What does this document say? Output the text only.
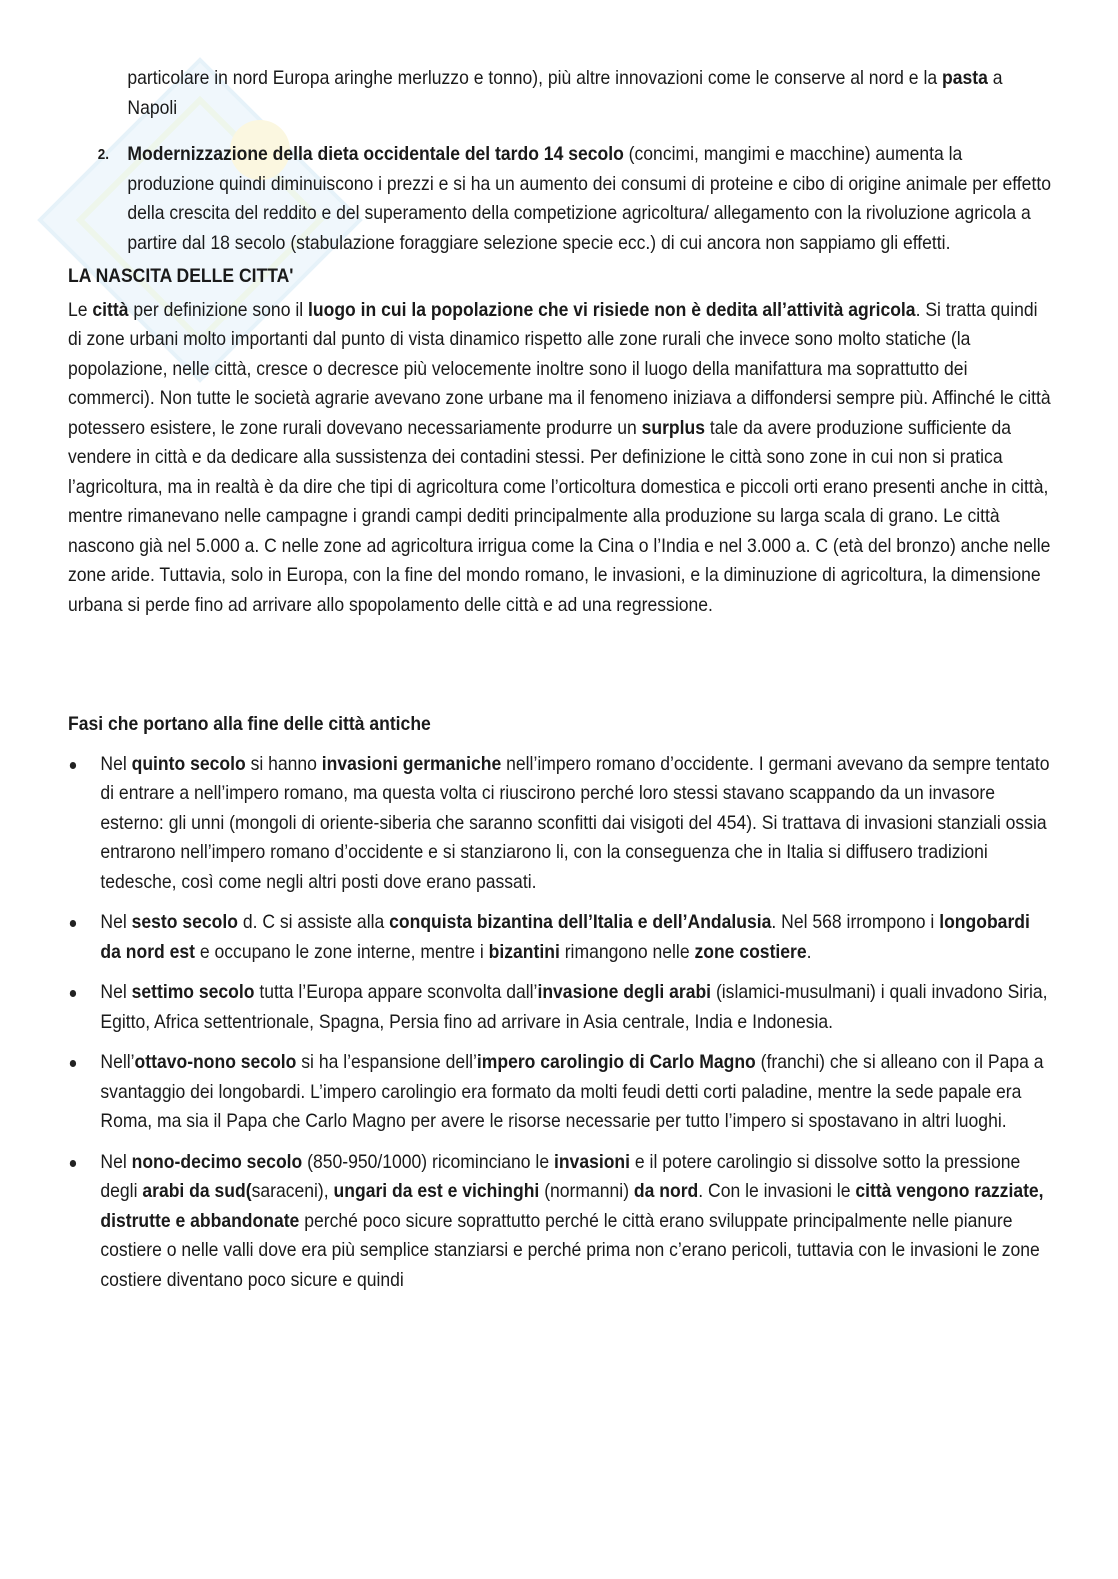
particolare in nord Europa aringhe merluzzo e tonno), più altre innovazioni come le conserve al nord e la pasta a Napoli

2. Modernizzazione della dieta occidentale del tardo 14 secolo (concimi, mangimi e macchine) aumenta la produzione quindi diminuiscono i prezzi e si ha un aumento dei consumi di proteine e cibo di origine animale per effetto della crescita del reddito e del superamento della competizione agricoltura/ allegamento con la rivoluzione agricola a partire dal 18 secolo (stabulazione foraggiare selezione specie ecc.) di cui ancora non sappiamo gli effetti.

LA NASCITA DELLE CITTA'

Le città per definizione sono il luogo in cui la popolazione che vi risiede non è dedita all’attività agricola. Si tratta quindi di zone urbani molto importanti dal punto di vista dinamico rispetto alle zone rurali che invece sono molto statiche (la popolazione, nelle città, cresce o decresce più velocemente inoltre sono il luogo della manifattura ma soprattutto dei commerci). Non tutte le società agrarie avevano zone urbane ma il fenomeno iniziava a diffondersi sempre più. Affinché le città potessero esistere, le zone rurali dovevano necessariamente produrre un surplus tale da avere produzione sufficiente da vendere in città e da dedicare alla sussistenza dei contadini stessi. Per definizione le città sono zone in cui non si pratica l’agricoltura, ma in realtà è da dire che tipi di agricoltura come l’orticoltura domestica e piccoli orti erano presenti anche in città, mentre rimanevano nelle campagne i grandi campi dediti principalmente alla produzione su larga scala di grano. Le città nascono già nel 5.000 a. C nelle zone ad agricoltura irrigua come la Cina o l’India e nel 3.000 a. C (età del bronzo) anche nelle zone aride. Tuttavia, solo in Europa, con la fine del mondo romano, le invasioni, e la diminuzione di agricoltura, la dimensione urbana si perde fino ad arrivare allo spopolamento delle città e ad una regressione.

Fasi che portano alla fine delle città antiche

Nel quinto secolo si hanno invasioni germaniche nell’impero romano d’occidente. I germani avevano da sempre tentato di entrare a nell’impero romano, ma questa volta ci riuscirono perché loro stessi stavano scappando da un invasore esterno: gli unni (mongoli di oriente-siberia che saranno sconfitti dai visigoti del 454). Si trattava di invasioni stanziali ossia entrarono nell’impero romano d’occidente e si stanziarono li, con la conseguenza che in Italia si diffusero tradizioni tedesche, così come negli altri posti dove erano passati.
Nel sesto secolo d. C si assiste alla conquista bizantina dell’Italia e dell’Andalusia. Nel 568 irrompono i longobardi da nord est e occupano le zone interne, mentre i bizantini rimangono nelle zone costiere.
Nel settimo secolo tutta l’Europa appare sconvolta dall’invasione degli arabi (islamici-musulmani) i quali invadono Siria, Egitto, Africa settentrionale, Spagna, Persia fino ad arrivare in Asia centrale, India e Indonesia.
Nell’ottavo-nono secolo si ha l’espansione dell’impero carolingio di Carlo Magno (franchi) che si alleano con il Papa a svantaggio dei longobardi. L’impero carolingio era formato da molti feudi detti corti paladine, mentre la sede papale era Roma, ma sia il Papa che Carlo Magno per avere le risorse necessarie per tutto l’impero si spostavano in altri luoghi.
Nel nono-decimo secolo (850-950/1000) ricominciano le invasioni e il potere carolingio si dissolve sotto la pressione degli arabi da sud(saraceni), ungari da est e vichinghi (normanni) da nord. Con le invasioni le città vengono razziate, distrutte e abbandonate perché poco sicure soprattutto perché le città erano sviluppate principalmente nelle pianure costiere o nelle valli dove era più semplice stanziarsi e perché prima non c’erano pericoli, tuttavia con le invasioni le zone costiere diventano poco sicure e quindi
